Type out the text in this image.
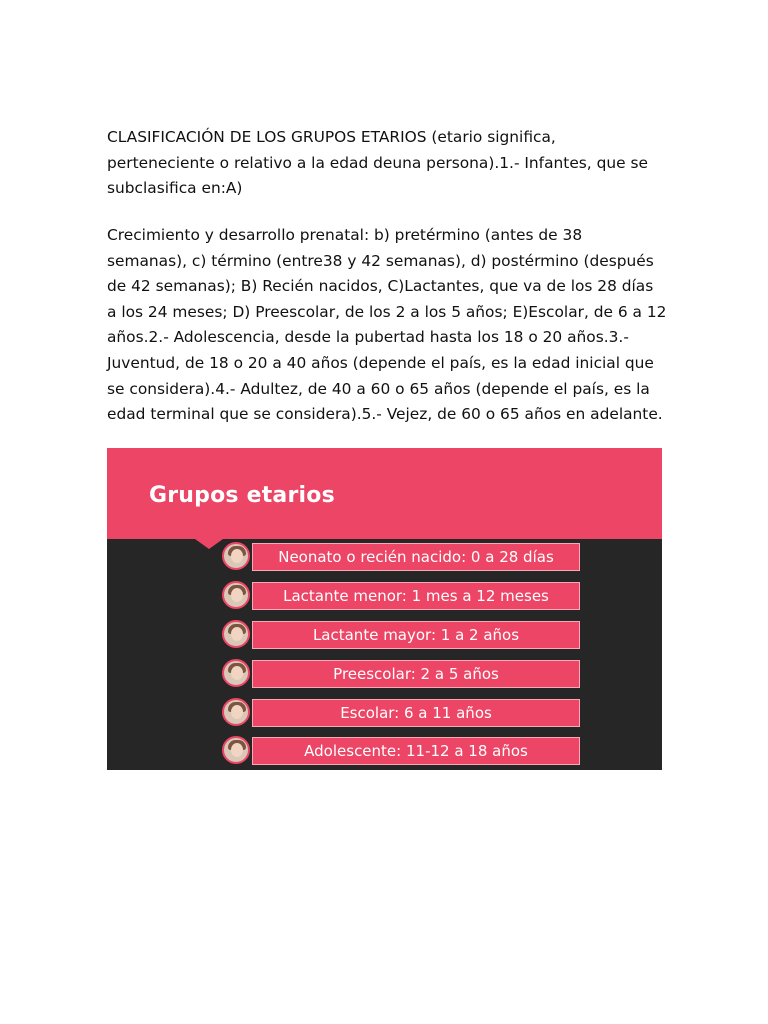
CLASIFICACIÓN DE LOS GRUPOS ETARIOS (etario significa, perteneciente o relativo a la edad deuna persona).1.- Infantes, que se subclasifica en:A)

Crecimiento y desarrollo prenatal: b) pretérmino (antes de 38 semanas), c) término (entre38 y 42 semanas), d) postérmino (después de 42 semanas); B) Recién nacidos, C)Lactantes, que va de los 28 días a los 24 meses; D) Preescolar, de los 2 a los 5 años; E)Escolar, de 6 a 12 años.2.- Adolescencia, desde la pubertad hasta los 18 o 20 años.3.- Juventud, de 18 o 20 a 40 años (depende el país, es la edad inicial que se considera).4.- Adultez, de 40 a 60 o 65 años (depende el país, es la edad terminal que se considera).5.- Vejez, de 60 o 65 años en adelante.

Grupos etarios
Neonato o recién nacido: 0 a 28 días
Lactante menor: 1 mes a 12 meses
Lactante mayor: 1 a 2 años
Preescolar: 2 a 5 años
Escolar: 6 a 11 años
Adolescente: 11-12 a 18 años
